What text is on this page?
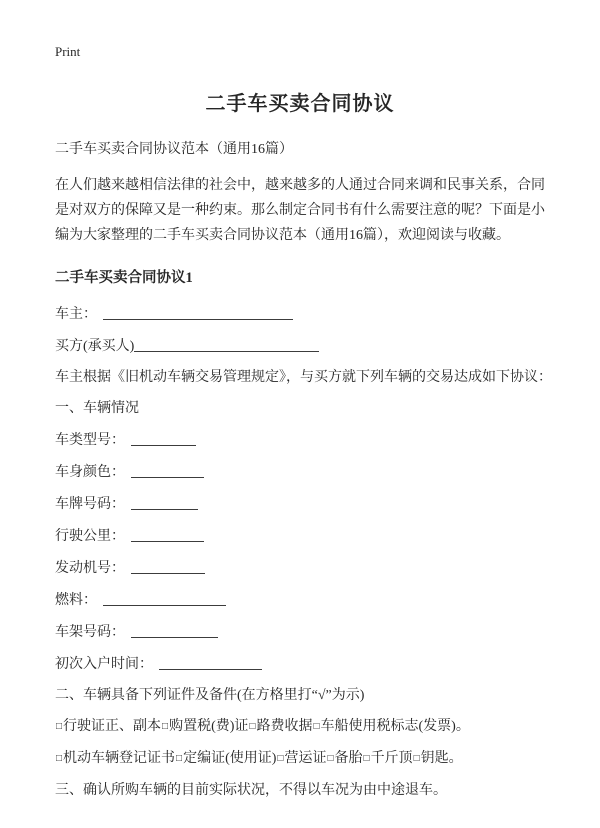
Print
二手车买卖合同协议

二手车买卖合同协议范本（通用16篇）

在人们越来越相信法律的社会中，越来越多的人通过合同来调和民事关系，合同是对双方的保障又是一种约束。那么制定合同书有什么需要注意的呢？下面是小编为大家整理的二手车买卖合同协议范本（通用16篇），欢迎阅读与收藏。

二手车买卖合同协议1
车主：
买方(承买人)
车主根据《旧机动车辆交易管理规定》，与买方就下列车辆的交易达成如下协议：
一、车辆情况
车类型号：
车身颜色：
车牌号码：
行驶公里：
发动机号：
燃料：
车架号码：
初次入户时间：
二、车辆具备下列证件及备件(在方格里打“√”为示)
□行驶证正、副本□购置税(费)证□路费收据□车船使用税标志(发票)。
□机动车辆登记证书□定编证(使用证)□营运证□备胎□千斤顶□钥匙。
三、确认所购车辆的目前实际状况，不得以车况为由中途退车。
